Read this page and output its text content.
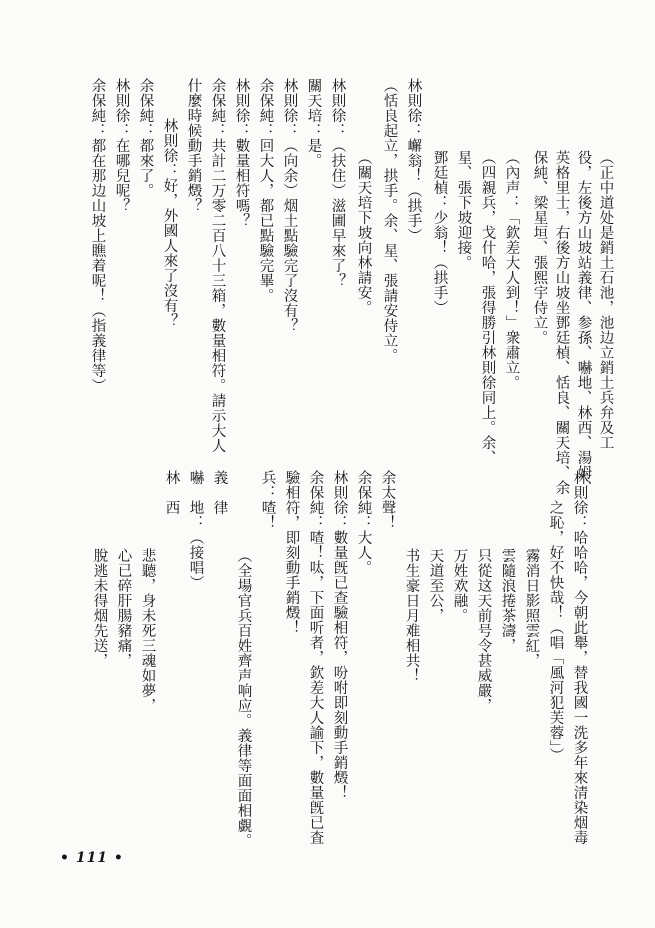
（正中道处是銷土石池，池边立銷土兵弁及工
役，左後方山坡站義律、参孫、嚇地、林西、湯姆、
英格里士，右後方山坡坐鄧廷楨、恬良、關天培、余
保純、梁星垣、張熙宇侍立。
（內声：「欽差大人到！」衆肅立。
（四親兵，戈什哈，張得勝引林則徐同上。余、
星、張下坡迎接。
鄧廷楨：少翁！（拱手）
林則徐：嶰翁！（拱手）
（恬良起立，拱手。余、星、張請安侍立。
（關天培下坡向林請安。
林則徐：（扶住）滋圃早來了？
關天培：是。
林則徐：（向余）烟土點驗完了沒有？
余保純：回大人，都已點驗完畢。
林則徐：數量相符嗎？
余保純：共計二万零二百八十三箱，數量相符。請示大人
什麼時候動手銷燬？
林則徐：好，外國人來了沒有？
余保純：都來了。
林則徐：在哪兒呢？
余保純：都在那边山坡上瞧着呢！（指義律等）
林則徐：哈哈哈，今朝此舉，替我國一洗多年來清染烟毒
之恥，好不快哉！（唱「風河犯芙蓉」）
霧消日影照雲紅，
雲隨浪捲茶濤，
只從这天前号令甚威嚴，
万姓欢融。
天道至公，
书生豪日月难相共！
余太聲！
余保純：大人。
林則徐：數量旣已查驗相符，吩咐即刻動手銷燬！
余保純：喳！呔，下面听者，欽差大人諭下，數量旣已査
驗相符，即刻動手銷燬！
兵：喳！
（全場官兵百姓齊声响应。義律等面面相覷。
義　律
嚇　地：（接唱）
林　西
悲聽，身未死三魂如夢，
心已碎肝腸豬痛，
脫逃未得烟先送，
• 111 •
